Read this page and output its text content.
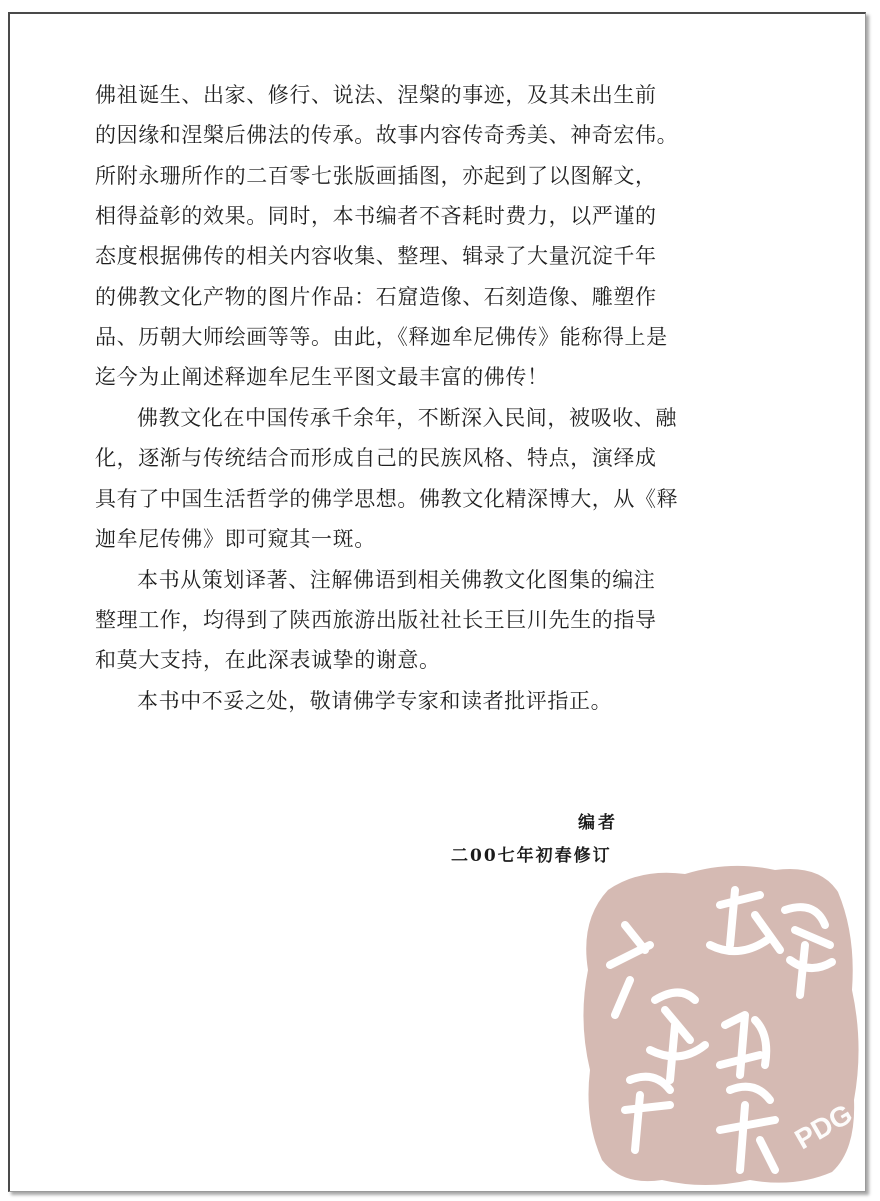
佛祖诞生、出家、修行、说法、涅槃的事迹，及其未出生前

的因缘和涅槃后佛法的传承。故事内容传奇秀美、神奇宏伟。

所附永珊所作的二百零七张版画插图，亦起到了以图解文，

相得益彰的效果。同时，本书编者不吝耗时费力，以严谨的

态度根据佛传的相关内容收集、整理、辑录了大量沉淀千年

的佛教文化产物的图片作品：石窟造像、石刻造像、雕塑作

品、历朝大师绘画等等。由此，《释迦牟尼佛传》能称得上是

迄今为止阐述释迦牟尼生平图文最丰富的佛传！

佛教文化在中国传承千余年，不断深入民间，被吸收、融

化，逐渐与传统结合而形成自己的民族风格、特点，演绎成

具有了中国生活哲学的佛学思想。佛教文化精深博大，从《释

迦牟尼传佛》即可窥其一斑。

本书从策划译著、注解佛语到相关佛教文化图集的编注

整理工作，均得到了陕西旅游出版社社长王巨川先生的指导

和莫大支持，在此深表诚挚的谢意。

本书中不妥之处，敬请佛学专家和读者批评指正。

编者

二00七年初春修订

PDG
